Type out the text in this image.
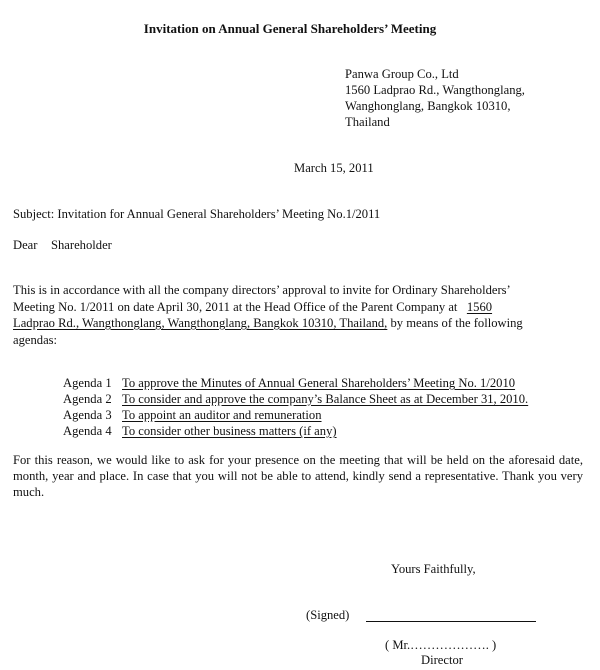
Invitation on Annual General Shareholders’ Meeting
Panwa Group Co., Ltd
1560 Ladprao Rd., Wangthonglang,
Wanghonglang, Bangkok 10310,
Thailand
March 15, 2011
Subject: Invitation for Annual General Shareholders’ Meeting No.1/2011
Dear Shareholder
This is in accordance with all the company directors’ approval to invite for Ordinary Shareholders’
Meeting No. 1/2011 on date April 30, 2011 at the Head Office of the Parent Company at 1560
Ladprao Rd., Wangthonglang, Wangthonglang, Bangkok 10310, Thailand, by means of the following
agendas:
Agenda 1 To approve the Minutes of Annual General Shareholders’ Meeting No. 1/2010
Agenda 2 To consider and approve the company’s Balance Sheet as at December 31, 2010.
Agenda 3 To appoint an auditor and remuneration
Agenda 4 To consider other business matters (if any)
For this reason, we would like to ask for your presence on the meeting that will be held on the aforesaid date, month, year and place. In case that you will not be able to attend, kindly send a representative. Thank you very much.
Yours Faithfully,
(Signed)
( Mr.………………. )
Director
